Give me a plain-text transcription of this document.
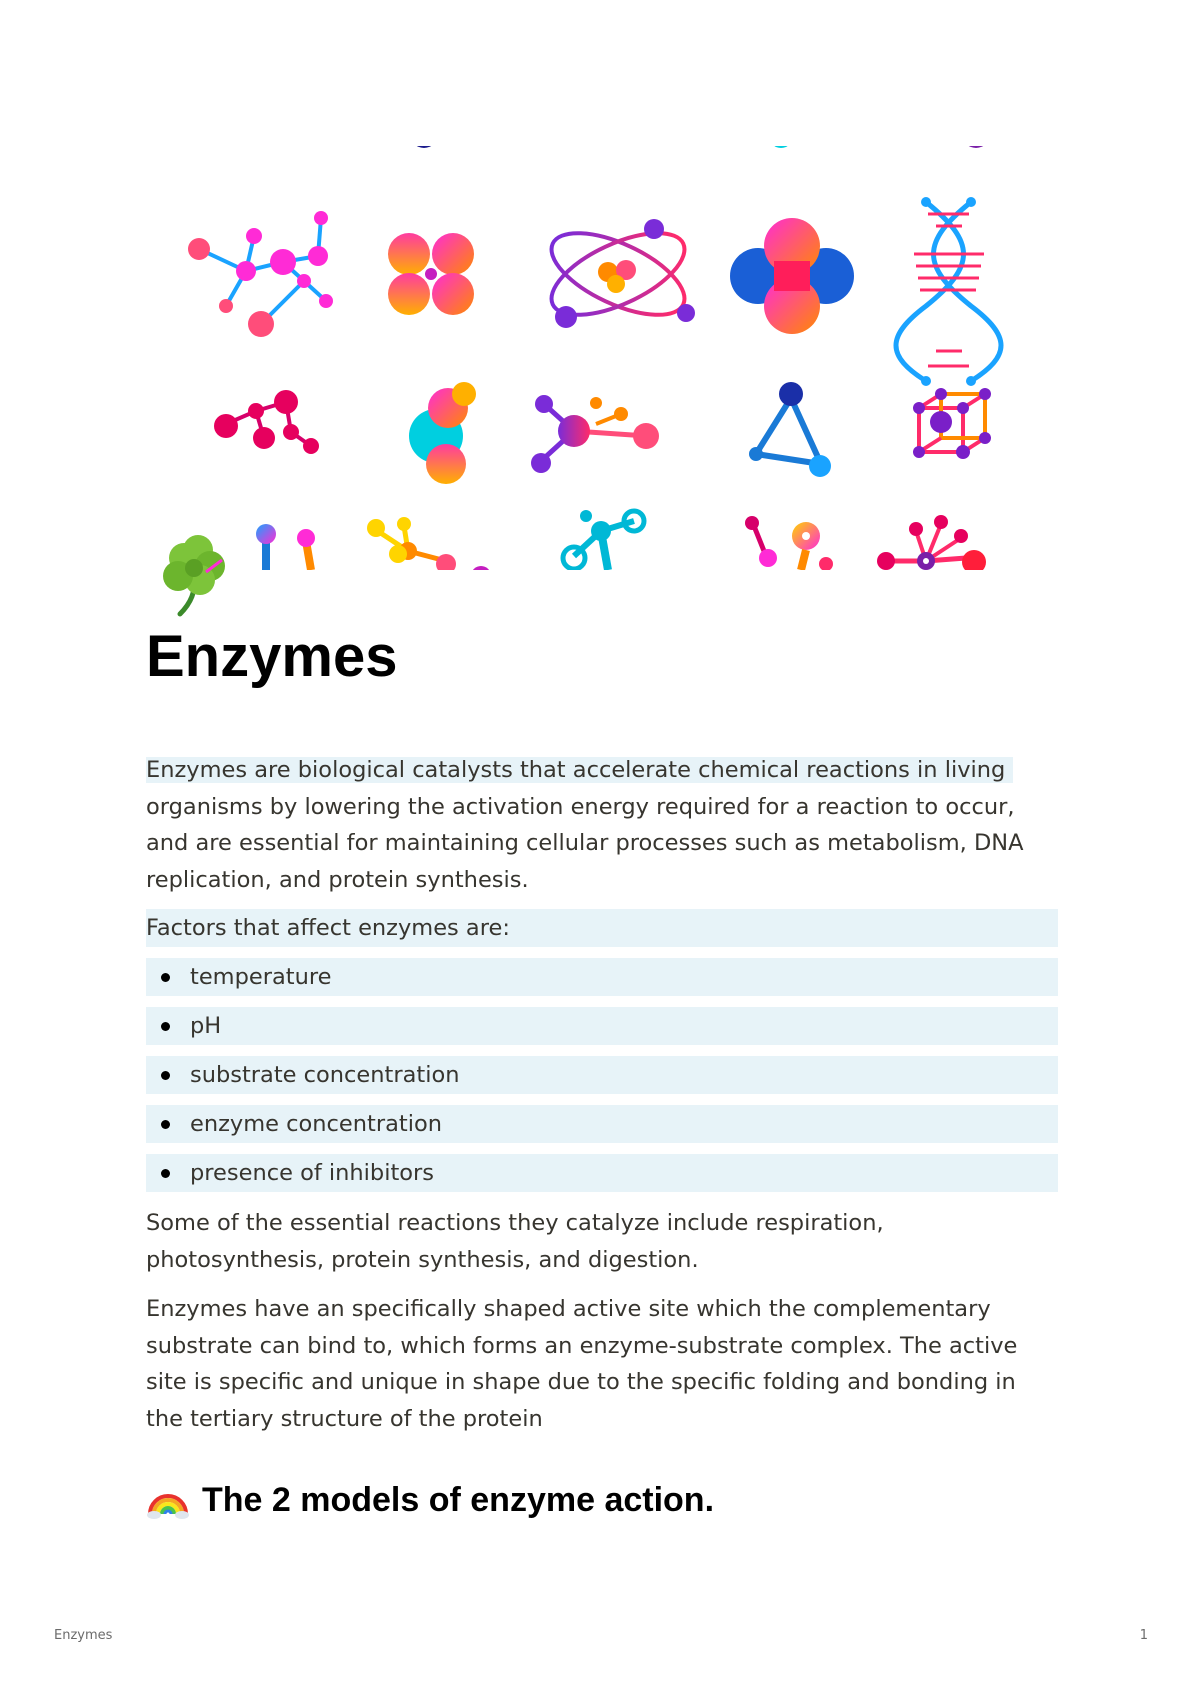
Enzymes

Enzymes are biological catalysts that accelerate chemical reactions in living
organisms by lowering the activation energy required for a reaction to occur, and are essential for maintaining cellular processes such as metabolism, DNA replication, and protein synthesis.

Factors that affect enzymes are:
temperature
pH
substrate concentration
enzyme concentration
presence of inhibitors

Some of the essential reactions they catalyze include respiration, photosynthesis, protein synthesis, and digestion.

Enzymes have an specifically shaped active site which the complementary substrate can bind to, which forms an enzyme-substrate complex. The active site is specific and unique in shape due to the specific folding and bonding in the tertiary structure of the protein

The 2 models of enzyme action.
Enzymes	1
